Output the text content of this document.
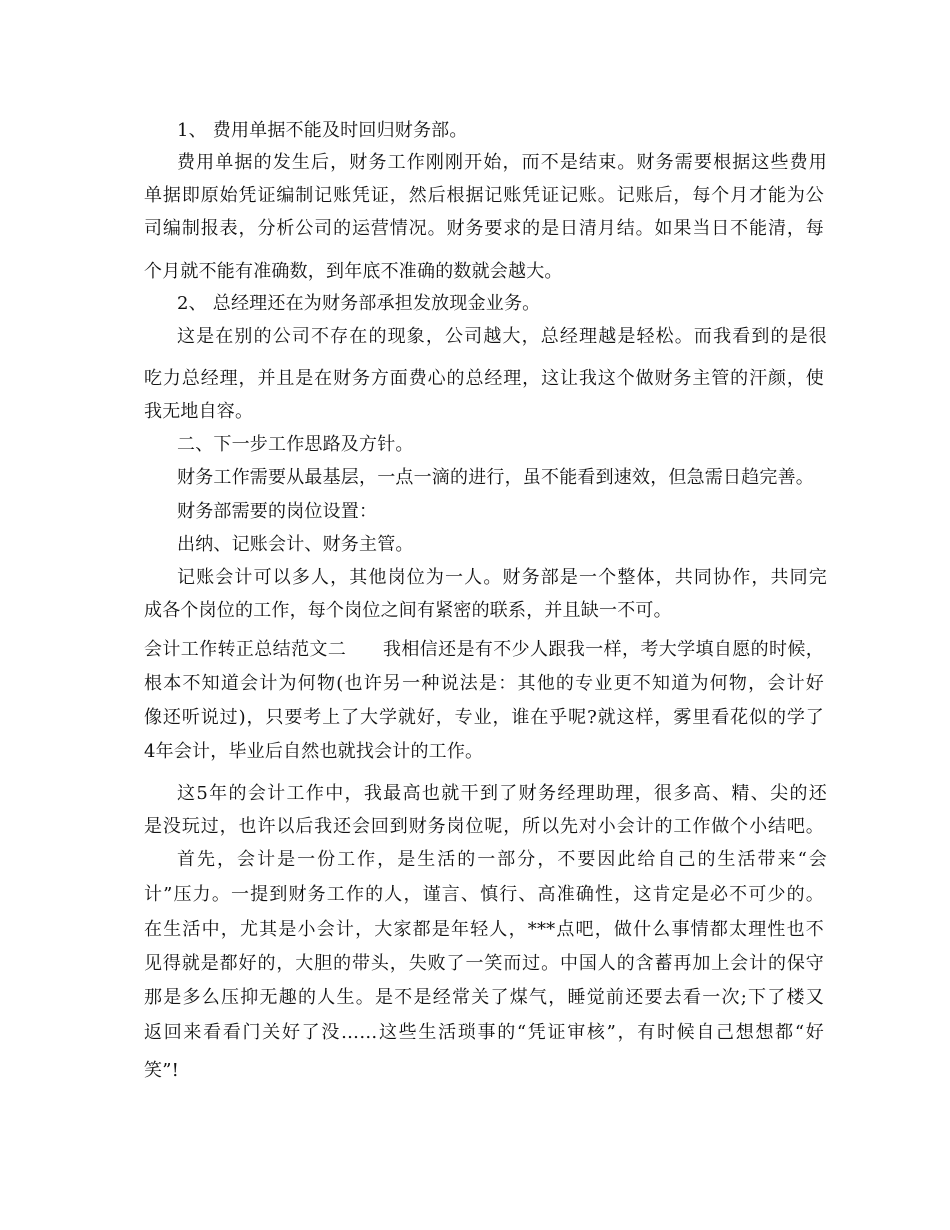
1、 费用单据不能及时回归财务部。
费用单据的发生后，财务工作刚刚开始，而不是结束。财务需要根据这些费用
单据即原始凭证编制记账凭证，然后根据记账凭证记账。记账后，每个月才能为公
司编制报表，分析公司的运营情况。财务要求的是日清月结。如果当日不能清，每
个月就不能有准确数，到年底不准确的数就会越大。
2、 总经理还在为财务部承担发放现金业务。
这是在别的公司不存在的现象，公司越大，总经理越是轻松。而我看到的是很
吃力总经理，并且是在财务方面费心的总经理，这让我这个做财务主管的汗颜，使
我无地自容。
二、下一步工作思路及方针。
财务工作需要从最基层，一点一滴的进行，虽不能看到速效，但急需日趋完善。
财务部需要的岗位设置：
出纳、记账会计、财务主管。
记账会计可以多人，其他岗位为一人。财务部是一个整体，共同协作，共同完
成各个岗位的工作，每个岗位之间有紧密的联系，并且缺一不可。
会计工作转正总结范文二　　我相信还是有不少人跟我一样，考大学填自愿的时候，
根本不知道会计为何物(也许另一种说法是：其他的专业更不知道为何物，会计好
像还听说过)，只要考上了大学就好，专业，谁在乎呢?就这样，雾里看花似的学了
4年会计，毕业后自然也就找会计的工作。
这5年的会计工作中，我最高也就干到了财务经理助理，很多高、精、尖的还
是没玩过，也许以后我还会回到财务岗位呢，所以先对小会计的工作做个小结吧。
首先，会计是一份工作，是生活的一部分，不要因此给自己的生活带来“会
计”压力。一提到财务工作的人，谨言、慎行、高准确性，这肯定是必不可少的。
在生活中，尤其是小会计，大家都是年轻人，***点吧，做什么事情都太理性也不
见得就是都好的，大胆的带头，失败了一笑而过。中国人的含蓄再加上会计的保守
那是多么压抑无趣的人生。是不是经常关了煤气，睡觉前还要去看一次;下了楼又
返回来看看门关好了没……这些生活琐事的“凭证审核”，有时候自己想想都“好
笑”!
